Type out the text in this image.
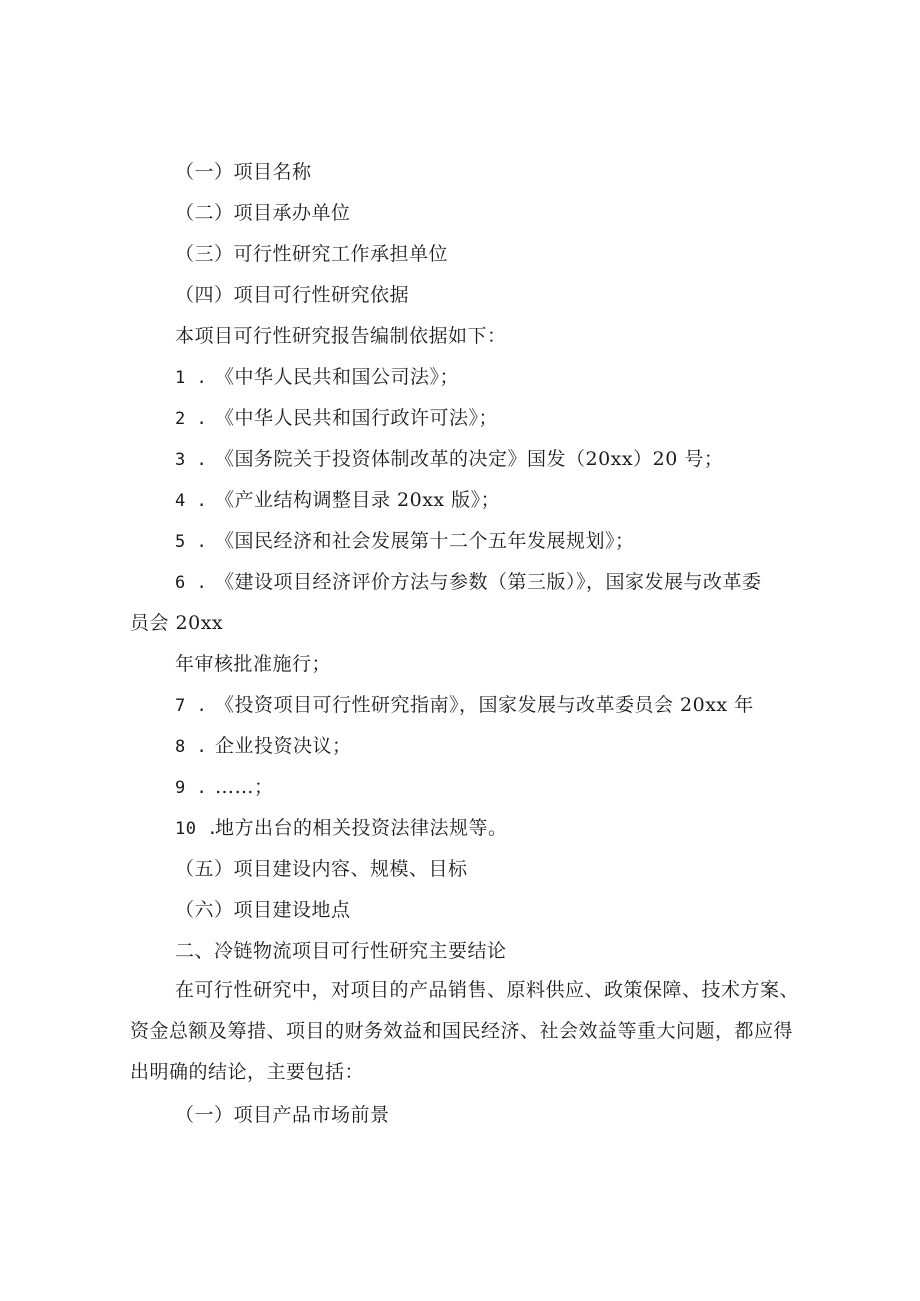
（一）项目名称
（二）项目承办单位
（三）可行性研究工作承担单位
（四）项目可行性研究依据
本项目可行性研究报告编制依据如下：
1 . 《中华人民共和国公司法》；
2 . 《中华人民共和国行政许可法》；
3 . 《国务院关于投资体制改革的决定》国发（20xx）20 号；
4 . 《产业结构调整目录 20xx 版》；
5 . 《国民经济和社会发展第十二个五年发展规划》；
6 . 《建设项目经济评价方法与参数（第三版）》，国家发展与改革委
员会 20xx
年审核批准施行；
7 . 《投资项目可行性研究指南》，国家发展与改革委员会 20xx 年
8 . 企业投资决议；
9 . ……；
10 .地方出台的相关投资法律法规等。
（五）项目建设内容、规模、目标
（六）项目建设地点
二、冷链物流项目可行性研究主要结论
在可行性研究中，对项目的产品销售、原料供应、政策保障、技术方案、资金总额及筹措、项目的财务效益和国民经济、社会效益等重大问题，都应得出明确的结论，主要包括：
（一）项目产品市场前景
